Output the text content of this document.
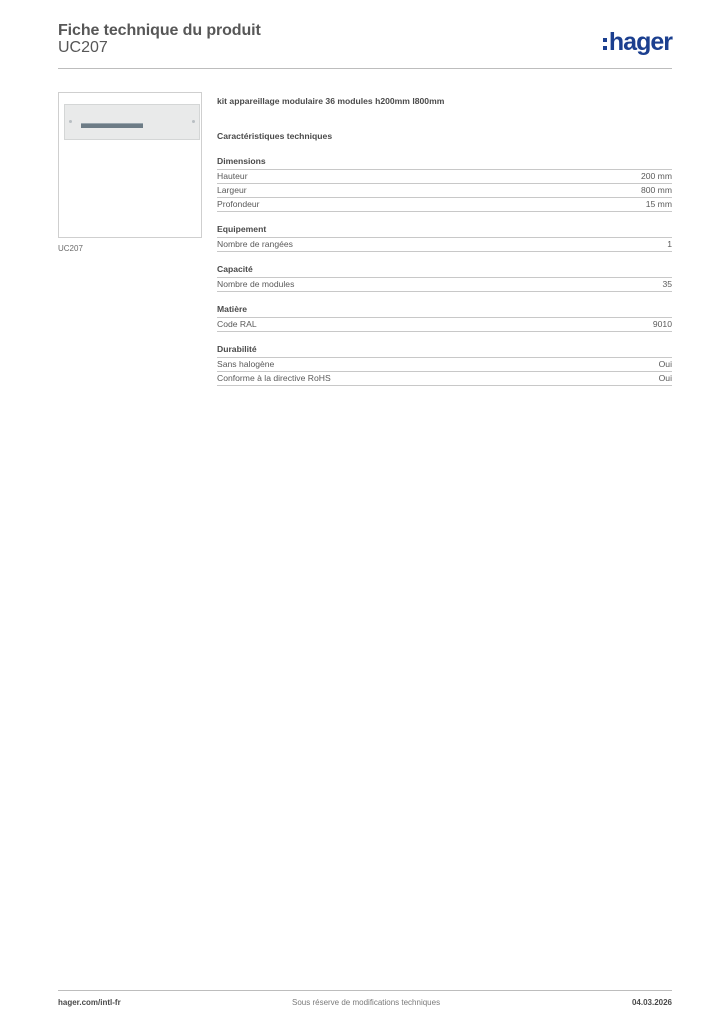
Fiche technique du produit
UC207	hager
UC207
kit appareillage modulaire 36 modules h200mm l800mm
Caractéristiques techniques
Dimensions
Hauteur	200 mm
Largeur	800 mm
Profondeur	15 mm
Equipement
Nombre de rangées	1
Capacité
Nombre de modules	35
Matière
Code RAL	9010
Durabilité
Sans halogène	Oui
Conforme à la directive RoHS	Oui
hager.com/intl-fr	Sous réserve de modifications techniques	04.03.2026
